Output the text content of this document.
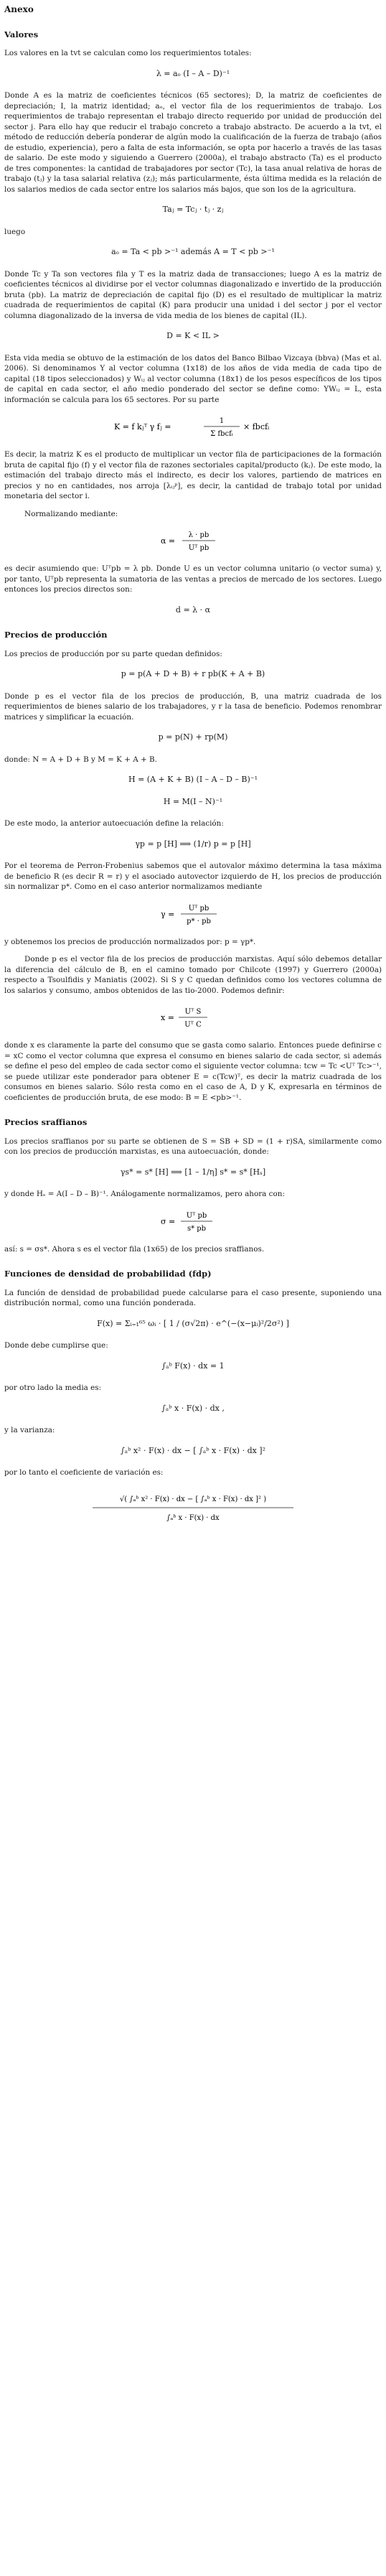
Anexo
Valores

Los valores en la tvt se calculan como los requerimientos totales:

λ = aₒ (I – A – D)⁻¹

Donde A es la matriz de coeficientes técnicos (65 sectores); D, la matriz de coeficientes de depreciación; I, la matriz identidad; aₒ, el vector fila de los requerimientos de trabajo. Los requerimientos de trabajo representan el trabajo directo requerido por unidad de producción del sector j. Para ello hay que reducir el trabajo concreto a trabajo abstracto. De acuerdo a la tvt, el método de reducción debería ponderar de algún modo la cualificación de la fuerza de trabajo (años de estudio, experiencia), pero a falta de esta información, se opta por hacerlo a través de las tasas de salario. De este modo y siguiendo a Guerrero (2000a), el trabajo abstracto (Ta) es el producto de tres componentes: la cantidad de trabajadores por sector (Tc), la tasa anual relativa de horas de trabajo (tⱼ) y la tasa salarial relativa (zⱼ); más particularmente, ésta última medida es la relación de los salarios medios de cada sector entre los salarios más bajos, que son los de la agricultura.

Taⱼ = Tcⱼ · tⱼ · zⱼ

luego

aₒ = Ta < pb >⁻¹ además A = T < pb >⁻¹

Donde Tc y Ta son vectores fila y T es la matriz dada de transacciones; luego A es la matriz de coeficientes técnicos al dividirse por el vector columnas diagonalizado e invertido de la producción bruta (pb). La matriz de depreciación de capital fijo (D) es el resultado de multiplicar la matriz cuadrada de requerimientos de capital (K) para producir una unidad i del sector j por el vector columna diagonalizado de la inversa de vida media de los bienes de capital (IL).

D = K < IL >

Esta vida media se obtuvo de la estimación de los datos del Banco Bilbao Vizcaya (bbva) (Mas et al. 2006). Si denominamos Y al vector columna (1x18) de los años de vida media de cada tipo de capital (18 tipos seleccionados) y Wᵢⱼ al vector columna (18x1) de los pesos específicos de los tipos de capital en cada sector, el año medio ponderado del sector se define como: YWᵢⱼ = L, esta información se calcula para los 65 sectores. Por su parte

K = f kⱼᵀ γ fⱼ =
1
Σ fbcfᵢ
× fbcfᵢ

Es decir, la matriz K es el producto de multiplicar un vector fila de participaciones de la formación bruta de capital fijo (f) y el vector fila de razones sectoriales capital/producto (kⱼ). De este modo, la estimación del trabajo directo más el indirecto, es decir los valores, partiendo de matrices en precios y no en cantidades, nos arroja [λᵢⱼᵖ], es decir, la cantidad de trabajo total por unidad monetaria del sector i.

Normalizando mediante:

α =
λ · pb
Uᵀ pb

es decir asumiendo que: Uᵀpb = λ pb. Donde U es un vector columna unitario (o vector suma) y, por tanto, Uᵀpb representa la sumatoria de las ventas a precios de mercado de los sectores. Luego entonces los precios directos son:

d = λ · α
Precios de producción

Los precios de producción por su parte quedan definidos:

p = p(A + D + B) + r pb(K + A + B)

Donde p es el vector fila de los precios de producción, B, una matriz cuadrada de los requerimientos de bienes salario de los trabajadores, y r la tasa de beneficio. Podemos renombrar matrices y simplificar la ecuación.

p = p(N) + rp(M)

donde: N = A + D + B y M = K + A + B.

H = (A + K + B) (I – A – D – B)⁻¹
H = M(I – N)⁻¹

De este modo, la anterior autoecuación define la relación:

γp = p [H] ⟹ (1/r) p = p [H]

Por el teorema de Perron-Frobenius sabemos que el autovalor máximo determina la tasa máxima de beneficio R (es decir R = r) y el asociado autovector izquierdo de H, los precios de producción sin normalizar p*. Como en el caso anterior normalizamos mediante

γ =
Uᵀ pb
p* · pb

y obtenemos los precios de producción normalizados por: p = γp*.

Donde p es el vector fila de los precios de producción marxistas. Aquí sólo debemos detallar la diferencia del cálculo de B, en el camino tomado por Chilcote (1997) y Guerrero (2000a) respecto a Tsoulfidis y Maniatis (2002). Si S y C quedan definidos como los vectores columna de los salarios y consumo, ambos obtenidos de las tio-2000. Podemos definir:

x =
Uᵀ S
Uᵀ C

donde x es claramente la parte del consumo que se gasta como salario. Entonces puede definirse c = xC como el vector columna que expresa el consumo en bienes salario de cada sector, si además se define el peso del empleo de cada sector como el siguiente vector columna: tcw = Tc <Uᵀ Tc>⁻¹, se puede utilizar este ponderador para obtener E = c(Tcw)ᵀ, es decir la matriz cuadrada de los consumos en bienes salario. Sólo resta como en el caso de A, D y K, expresarla en términos de coeficientes de producción bruta, de ese modo: B = E <pb>⁻¹.

Precios sraffianos

Los precios sraffianos por su parte se obtienen de S = SB + SD = (1 + r)SA, similarmente como con los precios de producción marxistas, es una autoecuación, donde:

γs* = s* [H] ⟹ [1 – 1/η] s* = s* [Hₛ]

y donde Hₛ = A(I – D – B)⁻¹. Análogamente normalizamos, pero ahora con:

σ =
Uᵀ pb
s* pb

así: s = σs*. Ahora s es el vector fila (1x65) de los precios sraffianos.

Funciones de densidad de probabilidad (fdp)

La función de densidad de probabilidad puede calcularse para el caso presente, suponiendo una distribución normal, como una función ponderada.

F(x) = Σᵢ₌₁⁶⁵ ωᵢ · [ 1 / (σ√2π) · e^(−(x−μᵢ)²/2σ²) ]

Donde debe cumplirse que:

∫ₐᵇ F(x) · dx = 1

por otro lado la media es:

∫ₐᵇ x · F(x) · dx ,

y la varianza:

∫ₐᵇ x² · F(x) · dx − [ ∫ₐᵇ x · F(x) · dx ]²

por lo tanto el coeficiente de variación es:

√( ∫ₐᵇ x² · F(x) · dx − [ ∫ₐᵇ x · F(x) · dx ]² )
∫ₐᵇ x · F(x) · dx
